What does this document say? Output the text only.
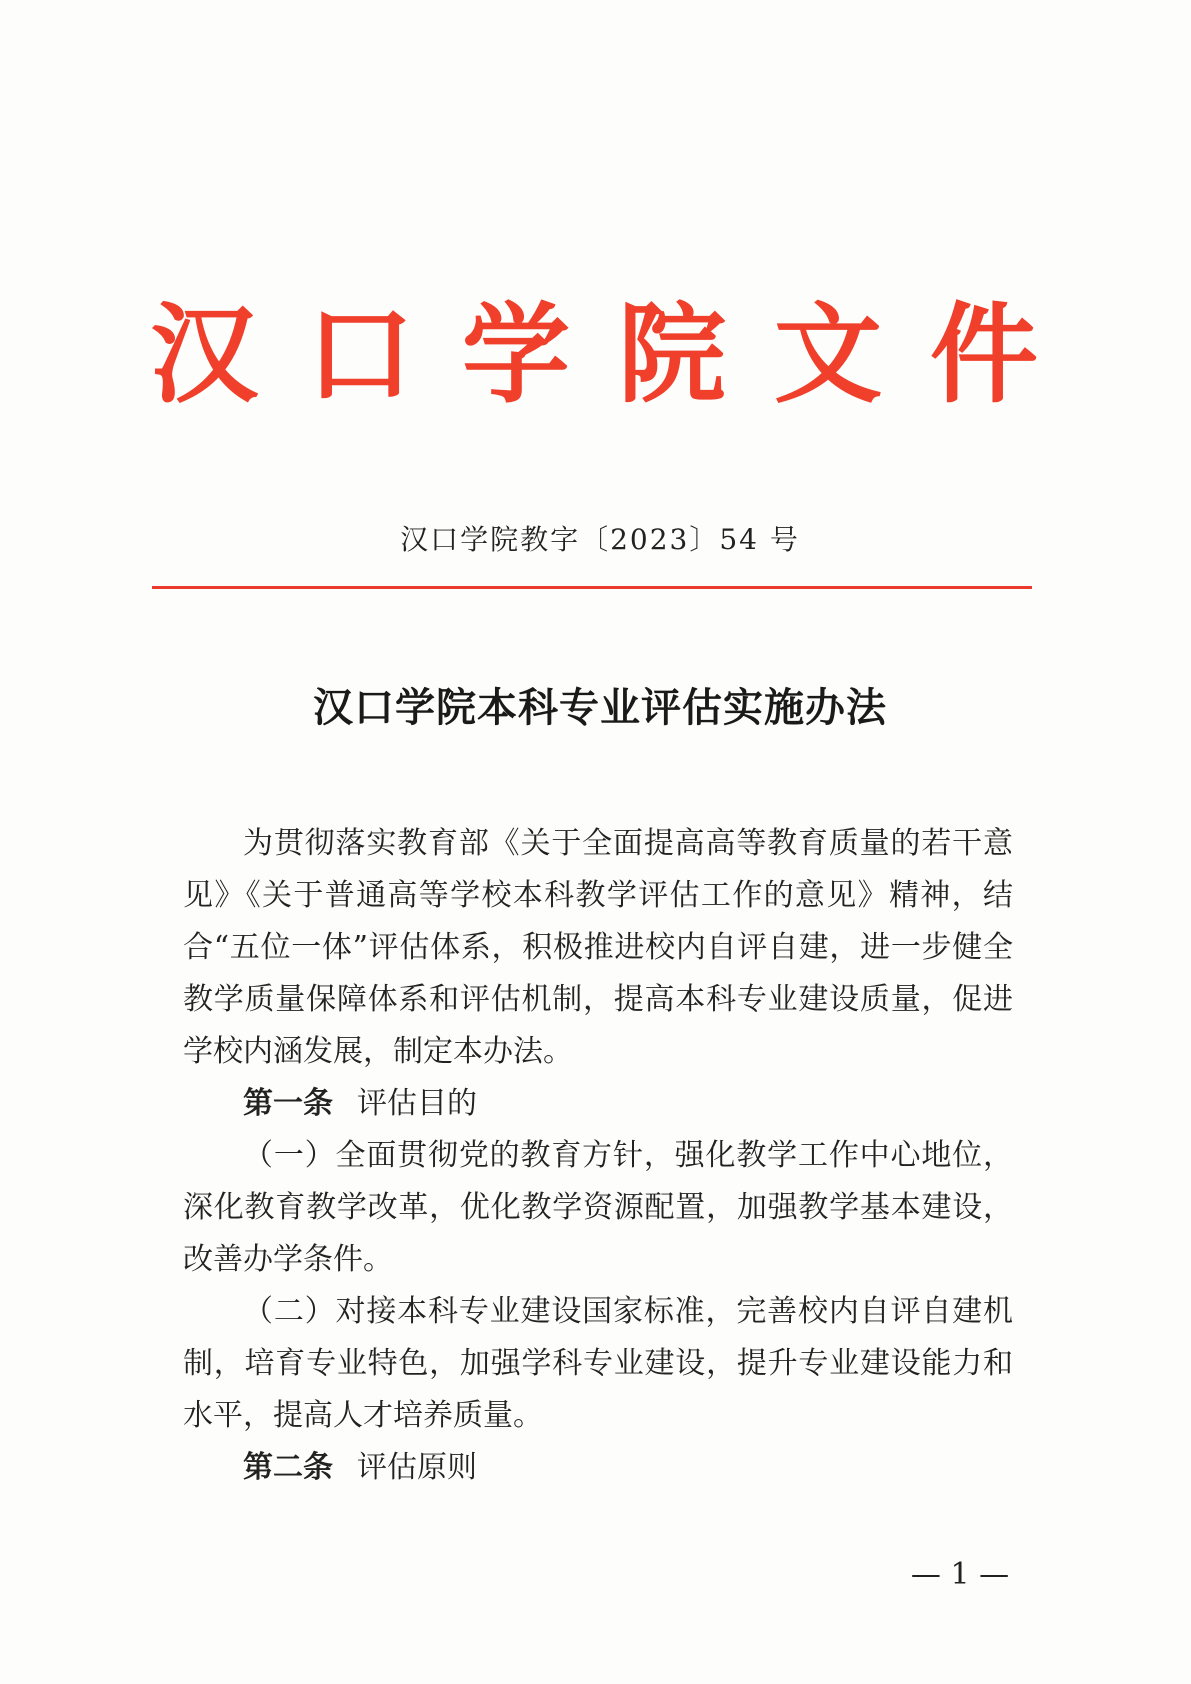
汉口学院文件
汉口学院教字〔2023〕54 号
汉口学院本科专业评估实施办法

为贯彻落实教育部《关于全面提高高等教育质量的若干意见》《关于普通高等学校本科教学评估工作的意见》精神，结合“五位一体”评估体系，积极推进校内自评自建，进一步健全教学质量保障体系和评估机制，提高本科专业建设质量，促进学校内涵发展，制定本办法。

第一条 评估目的

（一）全面贯彻党的教育方针，强化教学工作中心地位，深化教育教学改革，优化教学资源配置，加强教学基本建设，改善办学条件。

（二）对接本科专业建设国家标准，完善校内自评自建机制，培育专业特色，加强学科专业建设，提升专业建设能力和水平，提高人才培养质量。

第二条 评估原则
— 1 —
